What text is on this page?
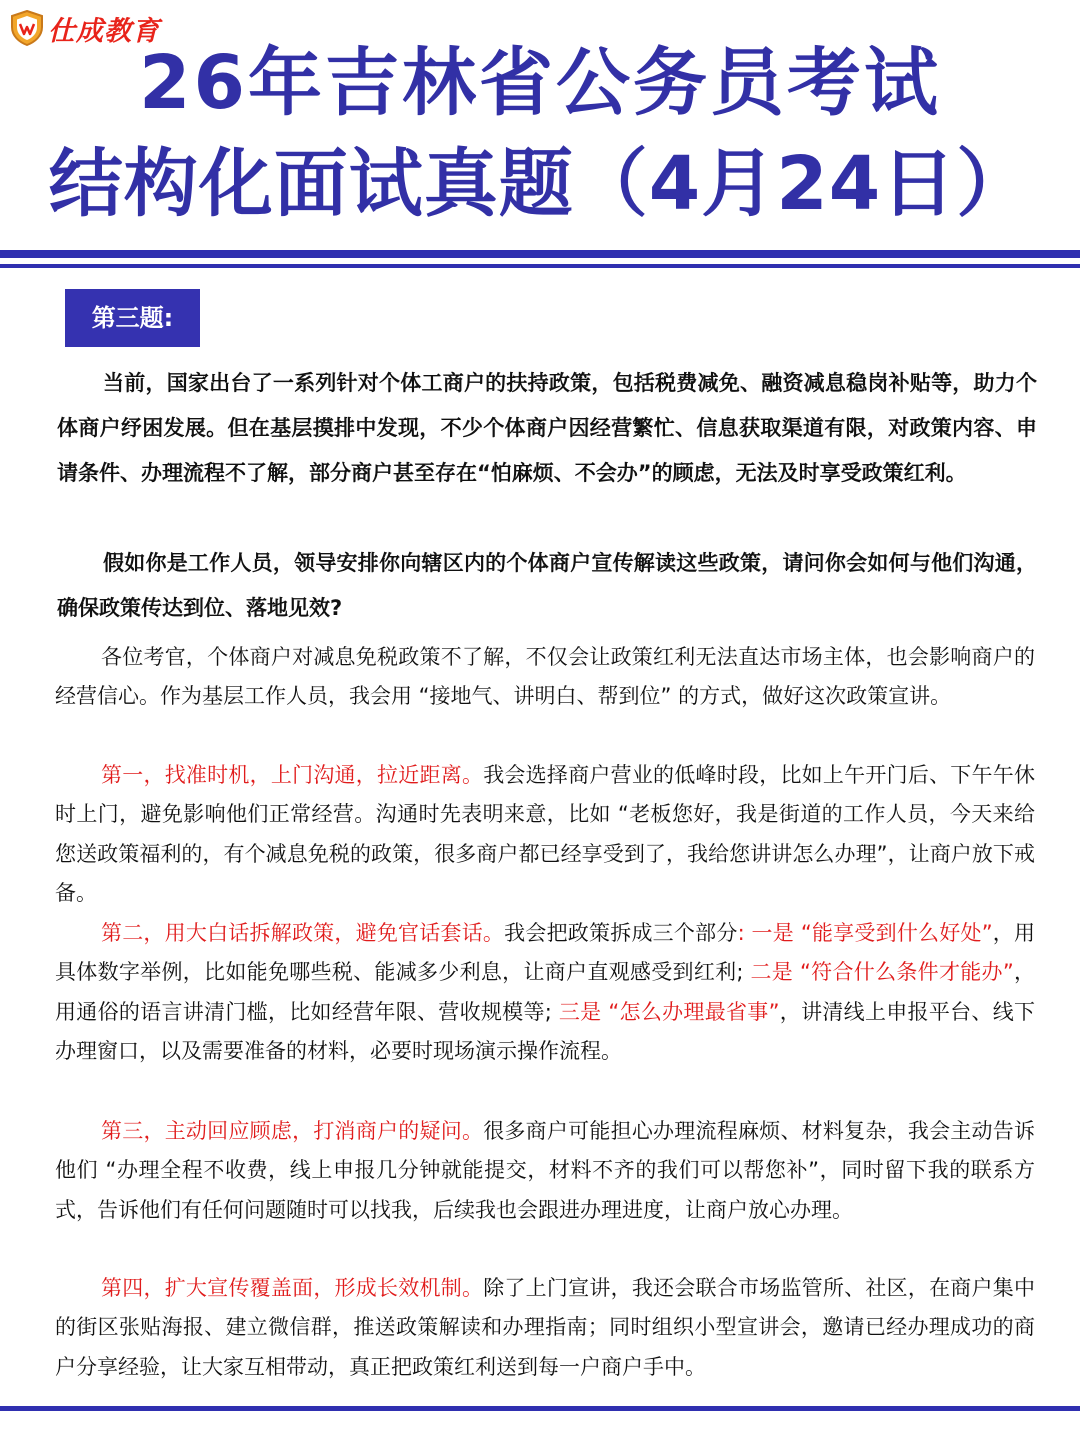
仕成教育
26年吉林省公务员考试
结构化面试真题（4月24日）
第三题:

当前，国家出台了一系列针对个体工商户的扶持政策，包括税费减免、融资减息稳岗补贴等，助力个体商户纾困发展。但在基层摸排中发现，不少个体商户因经营繁忙、信息获取渠道有限，对政策内容、申请条件、办理流程不了解，部分商户甚至存在“怕麻烦、不会办”的顾虑，无法及时享受政策红利。

假如你是工作人员，领导安排你向辖区内的个体商户宣传解读这些政策，请问你会如何与他们沟通，确保政策传达到位、落地见效?

各位考官，个体商户对减息免税政策不了解，不仅会让政策红利无法直达市场主体，也会影响商户的经营信心。作为基层工作人员，我会用 “接地气、讲明白、帮到位” 的方式，做好这次政策宣讲。

第一，找准时机，上门沟通，拉近距离。我会选择商户营业的低峰时段，比如上午开门后、下午午休时上门，避免影响他们正常经营。沟通时先表明来意，比如 “老板您好，我是街道的工作人员，今天来给您送政策福利的，有个减息免税的政策，很多商户都已经享受到了，我给您讲讲怎么办理”，让商户放下戒备。

第二，用大白话拆解政策，避免官话套话。我会把政策拆成三个部分: 一是 “能享受到什么好处”，用具体数字举例，比如能免哪些税、能减多少利息，让商户直观感受到红利; 二是 “符合什么条件才能办”，用通俗的语言讲清门槛，比如经营年限、营收规模等; 三是 “怎么办理最省事”，讲清线上申报平台、线下办理窗口，以及需要准备的材料，必要时现场演示操作流程。

第三，主动回应顾虑，打消商户的疑问。很多商户可能担心办理流程麻烦、材料复杂，我会主动告诉他们 “办理全程不收费，线上申报几分钟就能提交，材料不齐的我们可以帮您补”，同时留下我的联系方式，告诉他们有任何问题随时可以找我，后续我也会跟进办理进度，让商户放心办理。

第四，扩大宣传覆盖面，形成长效机制。除了上门宣讲，我还会联合市场监管所、社区，在商户集中的街区张贴海报、建立微信群，推送政策解读和办理指南；同时组织小型宣讲会，邀请已经办理成功的商户分享经验，让大家互相带动，真正把政策红利送到每一户商户手中。
